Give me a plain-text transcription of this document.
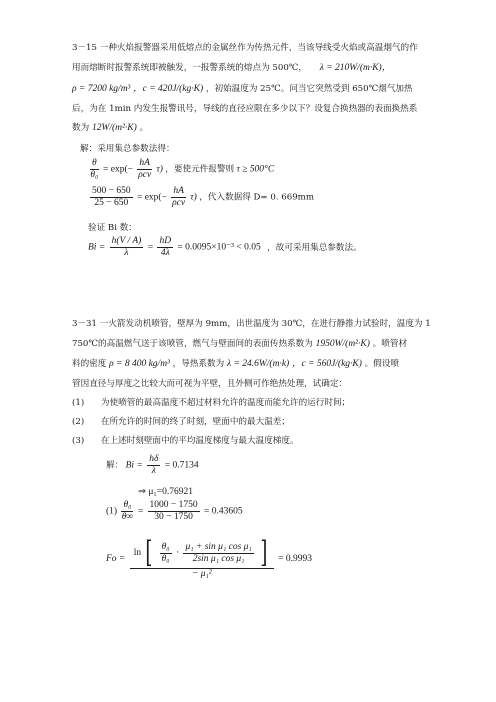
3－15 一种火焰报警器采用低熔点的金属丝作为传热元件，当该导线受火焰或高温烟气的作
用而熔断时报警系统即被触发，一报警系统的熔点为 500℃， λ = 210W/(m·K)，
ρ = 7200 kg/m³ ，c = 420J/(kg·K) ，初始温度为 25℃。问当它突然受到 650℃烟气加热
后，为在 1min 内发生报警讯号，导线的直径应限在多少以下？设复合换热器的表面换热系
数为 12W/(m²·K) 。
解：采用集总参数法得：
$\frac{\theta}{\text{θ₀}} = \exp(- \frac{hA}{\text{ρcv}} \tau)$ ，要使元件报警则 τ ≥ 500°C
$\frac{500 - 650}{25 - 650} = \exp(- \frac{hA}{\text{ρcv}} \tau)$ ，代入数据得 D= 0. 669mm
验证 Bi 数：
$Bi = \frac{h(V / A)}{\lambda} = \frac{hD}{4\lambda} = 0.0095\times 10^{-3} < 0.05$ ，故可采用集总参数法。
3－31 一火箭发动机喷管，壁厚为 9mm，出世温度为 30℃，在进行静推力试验时，温度为 1
750℃的高温燃气送于该喷管，燃气与壁面间的表面传热系数为 1950W/(m²·K) 。喷管材
料的密度 ρ = 8 400 kg/m³ ，导热系数为 λ = 24.6W/(m·k) ，c = 560J/(kg·K) 。假设喷
管因直径与厚度之比较大而可视为平壁，且外侧可作绝热处理，试确定：
(1) 为使喷管的最高温度不超过材料允许的温度而能允许的运行时间；
(2) 在所允许的时间的终了时刻，壁面中的最大温差；
(3) 在上述时刻壁面中的平均温度梯度与最大温度梯度。
解： $Bi = \frac{h\delta}{\lambda} = 0.7134$
⇒ μ₁=0.76921
$(1) \frac{\text{θ₀}}{\theta\infty} = \frac{1000 - 1750}{30 - 1750} = 0.43605$
Fo =
ln [ $\frac{\text{θ₀}}{\text{θ₀}} \cdot \frac{\text{μ₁ + sin μ₁ cos μ₁}}{\text{2sin μ₁ cos μ₁}}$ ]
− μ₁²
= 0.9993
